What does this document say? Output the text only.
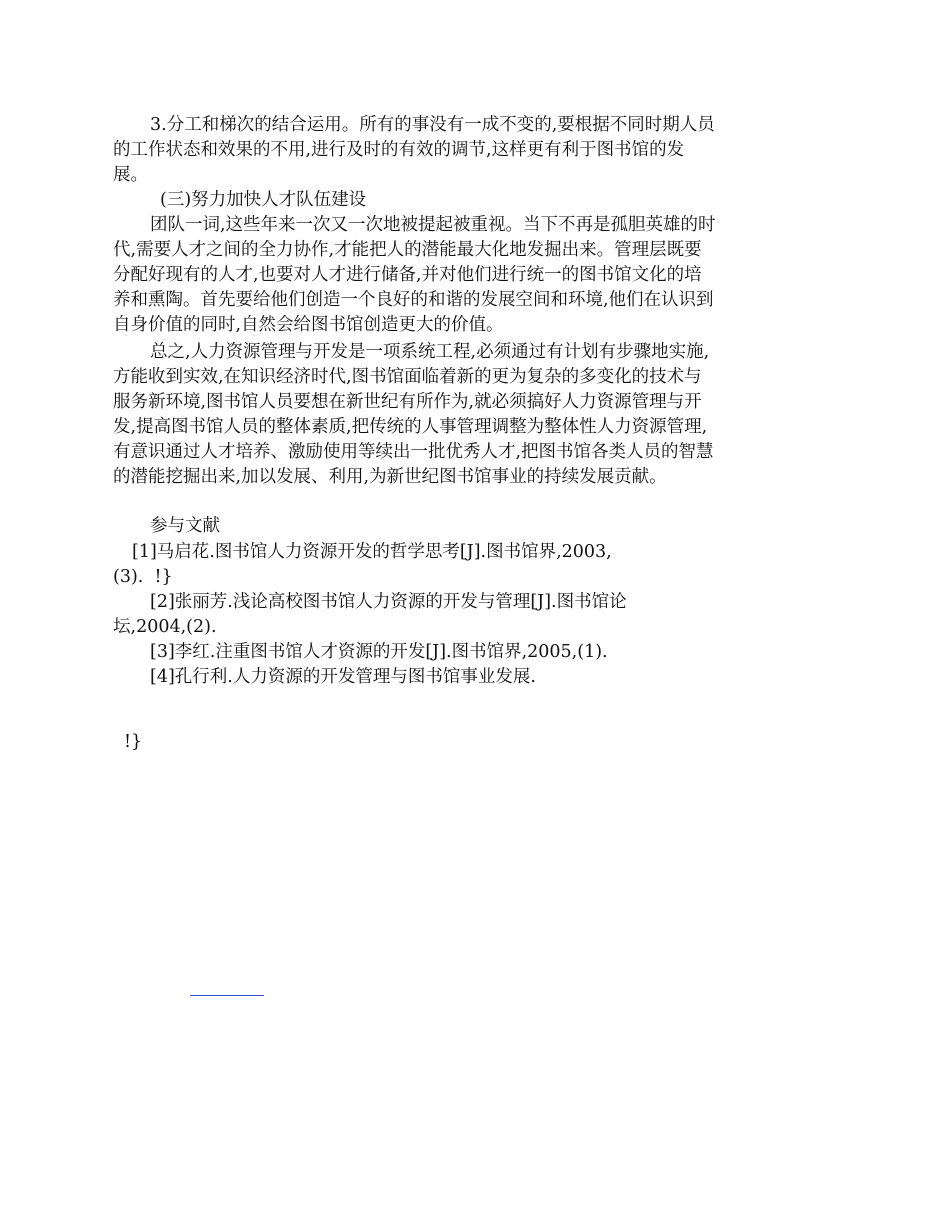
3.分工和梯次的结合运用。所有的事没有一成不变的,要根据不同时期人员
的工作状态和效果的不用,进行及时的有效的调节,这样更有利于图书馆的发
展。
(三)努力加快人才队伍建设
团队一词,这些年来一次又一次地被提起被重视。当下不再是孤胆英雄的时
代,需要人才之间的全力协作,才能把人的潜能最大化地发掘出来。管理层既要
分配好现有的人才,也要对人才进行储备,并对他们进行统一的图书馆文化的培
养和熏陶。首先要给他们创造一个良好的和谐的发展空间和环境,他们在认识到
自身价值的同时,自然会给图书馆创造更大的价值。
总之,人力资源管理与开发是一项系统工程,必须通过有计划有步骤地实施,
方能收到实效,在知识经济时代,图书馆面临着新的更为复杂的多变化的技术与
服务新环境,图书馆人员要想在新世纪有所作为,就必须搞好人力资源管理与开
发,提高图书馆人员的整体素质,把传统的人事管理调整为整体性人力资源管理,
有意识通过人才培养、激励使用等续出一批优秀人才,把图书馆各类人员的智慧
的潜能挖掘出来,加以发展、利用,为新世纪图书馆事业的持续发展贡献。
参与文献
[1]马启花.图书馆人力资源开发的哲学思考[J].图书馆界,2003,
(3).  !}
[2]张丽芳.浅论高校图书馆人力资源的开发与管理[J].图书馆论
坛,2004,(2).
[3]李红.注重图书馆人才资源的开发[J].图书馆界,2005,(1).
[4]孔行利.人力资源的开发管理与图书馆事业发展.
!}
